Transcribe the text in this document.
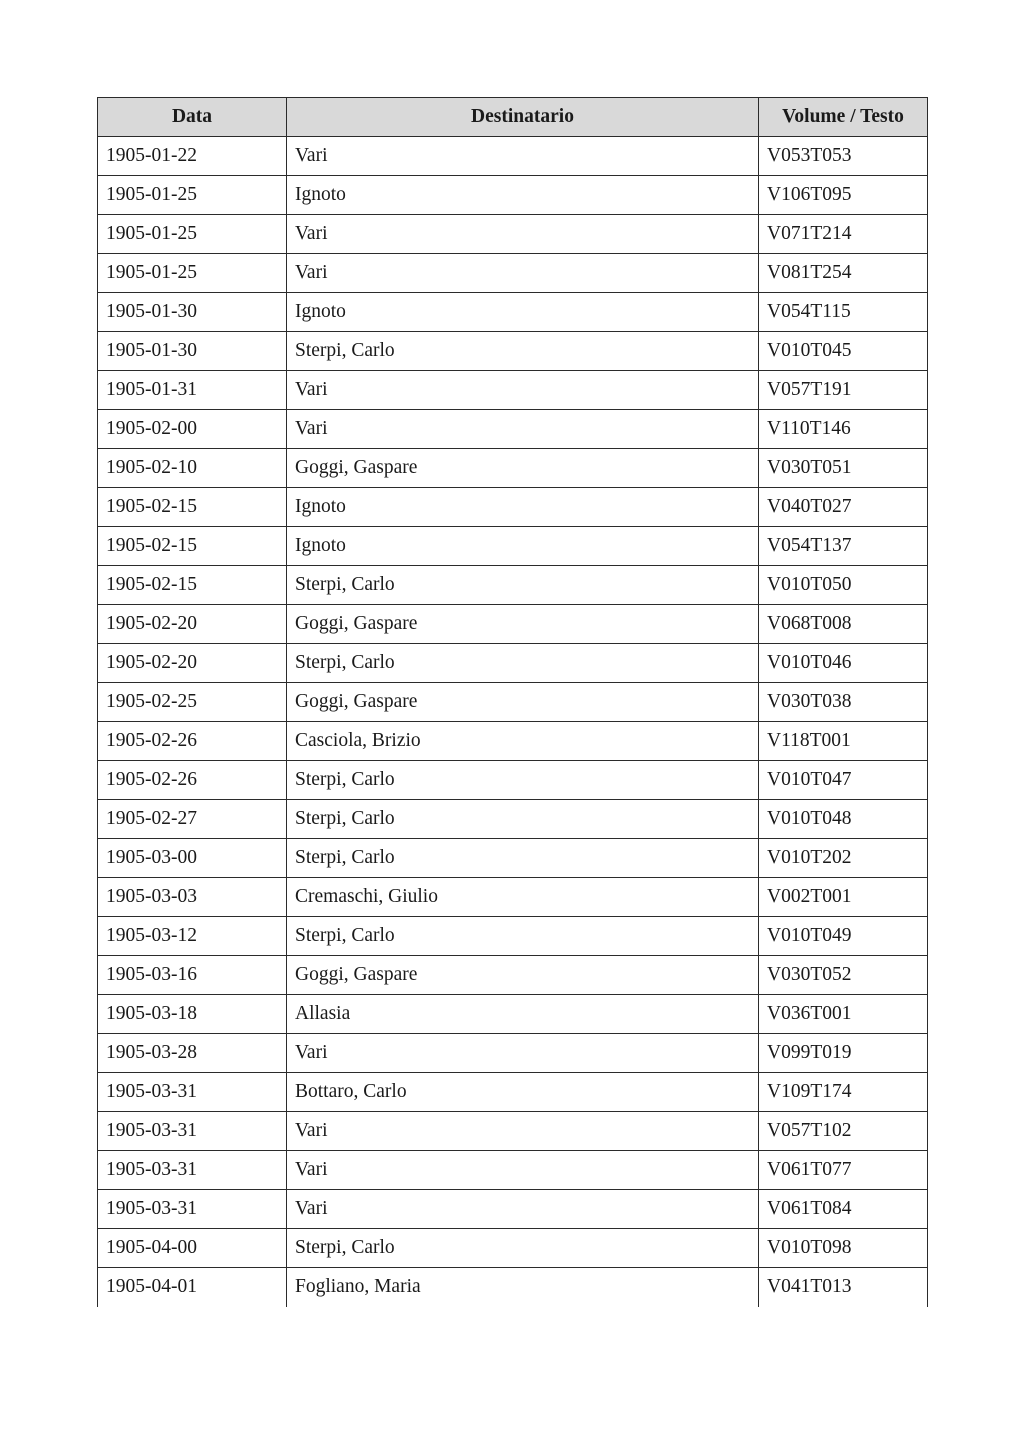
Data	Destinatario	Volume / Testo
1905-01-22	Vari	V053T053
1905-01-25	Ignoto	V106T095
1905-01-25	Vari	V071T214
1905-01-25	Vari	V081T254
1905-01-30	Ignoto	V054T115
1905-01-30	Sterpi, Carlo	V010T045
1905-01-31	Vari	V057T191
1905-02-00	Vari	V110T146
1905-02-10	Goggi, Gaspare	V030T051
1905-02-15	Ignoto	V040T027
1905-02-15	Ignoto	V054T137
1905-02-15	Sterpi, Carlo	V010T050
1905-02-20	Goggi, Gaspare	V068T008
1905-02-20	Sterpi, Carlo	V010T046
1905-02-25	Goggi, Gaspare	V030T038
1905-02-26	Casciola, Brizio	V118T001
1905-02-26	Sterpi, Carlo	V010T047
1905-02-27	Sterpi, Carlo	V010T048
1905-03-00	Sterpi, Carlo	V010T202
1905-03-03	Cremaschi, Giulio	V002T001
1905-03-12	Sterpi, Carlo	V010T049
1905-03-16	Goggi, Gaspare	V030T052
1905-03-18	Allasia	V036T001
1905-03-28	Vari	V099T019
1905-03-31	Bottaro, Carlo	V109T174
1905-03-31	Vari	V057T102
1905-03-31	Vari	V061T077
1905-03-31	Vari	V061T084
1905-04-00	Sterpi, Carlo	V010T098
1905-04-01	Fogliano, Maria	V041T013
